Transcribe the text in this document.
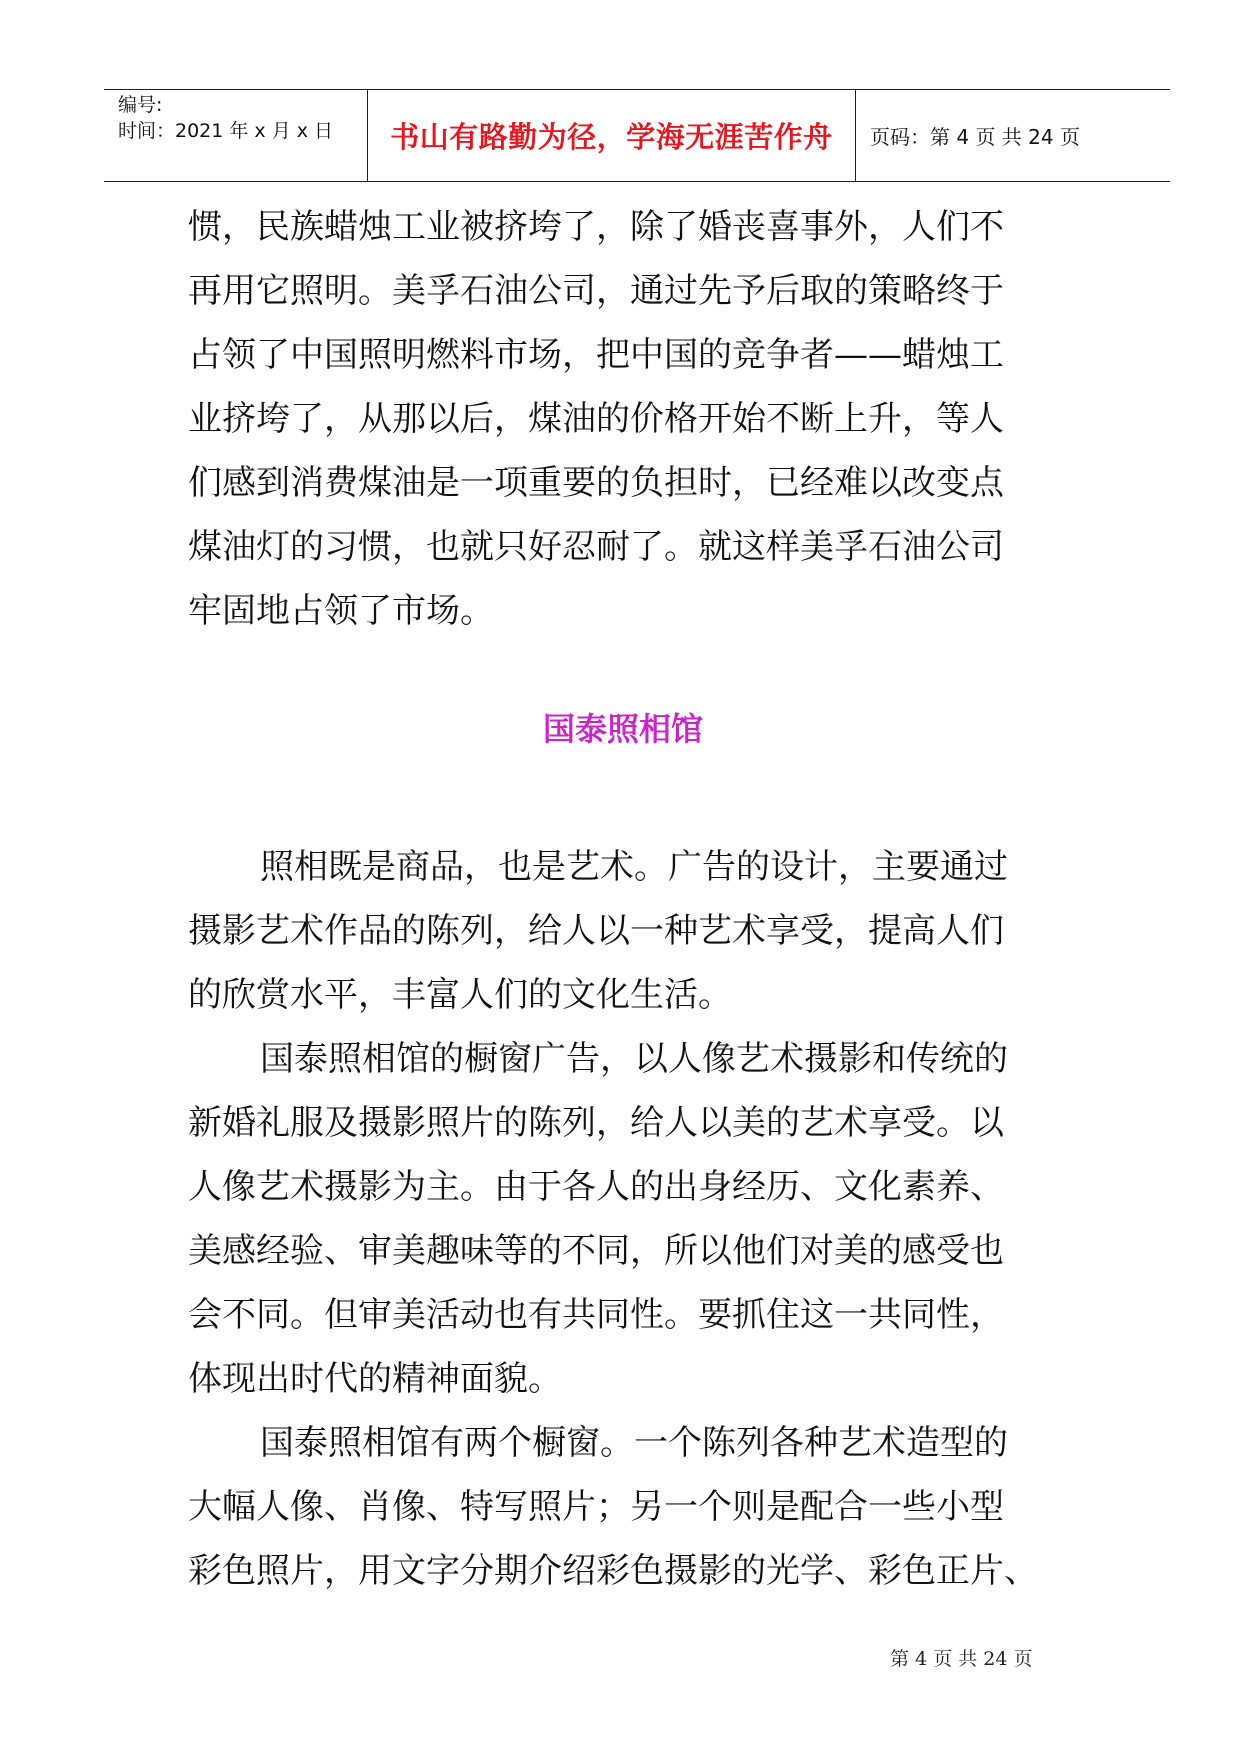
编号:
时间：2021 年 x 月 x 日	书山有路勤为径，学海无涯苦作舟	页码：第 4 页 共 24 页
惯，民族蜡烛工业被挤垮了，除了婚丧喜事外，人们不
再用它照明。美孚石油公司，通过先予后取的策略终于
占领了中国照明燃料市场，把中国的竞争者——蜡烛工
业挤垮了，从那以后，煤油的价格开始不断上升，等人
们感到消费煤油是一项重要的负担时，已经难以改变点
煤油灯的习惯，也就只好忍耐了。就这样美孚石油公司
牢固地占领了市场。
国泰照相馆
照相既是商品，也是艺术。广告的设计，主要通过
摄影艺术作品的陈列，给人以一种艺术享受，提高人们
的欣赏水平，丰富人们的文化生活。
国泰照相馆的橱窗广告，以人像艺术摄影和传统的
新婚礼服及摄影照片的陈列，给人以美的艺术享受。以
人像艺术摄影为主。由于各人的出身经历、文化素养、
美感经验、审美趣味等的不同，所以他们对美的感受也
会不同。但审美活动也有共同性。要抓住这一共同性，
体现出时代的精神面貌。
国泰照相馆有两个橱窗。一个陈列各种艺术造型的
大幅人像、肖像、特写照片；另一个则是配合一些小型
彩色照片，用文字分期介绍彩色摄影的光学、彩色正片、
第 4 页 共 24 页
